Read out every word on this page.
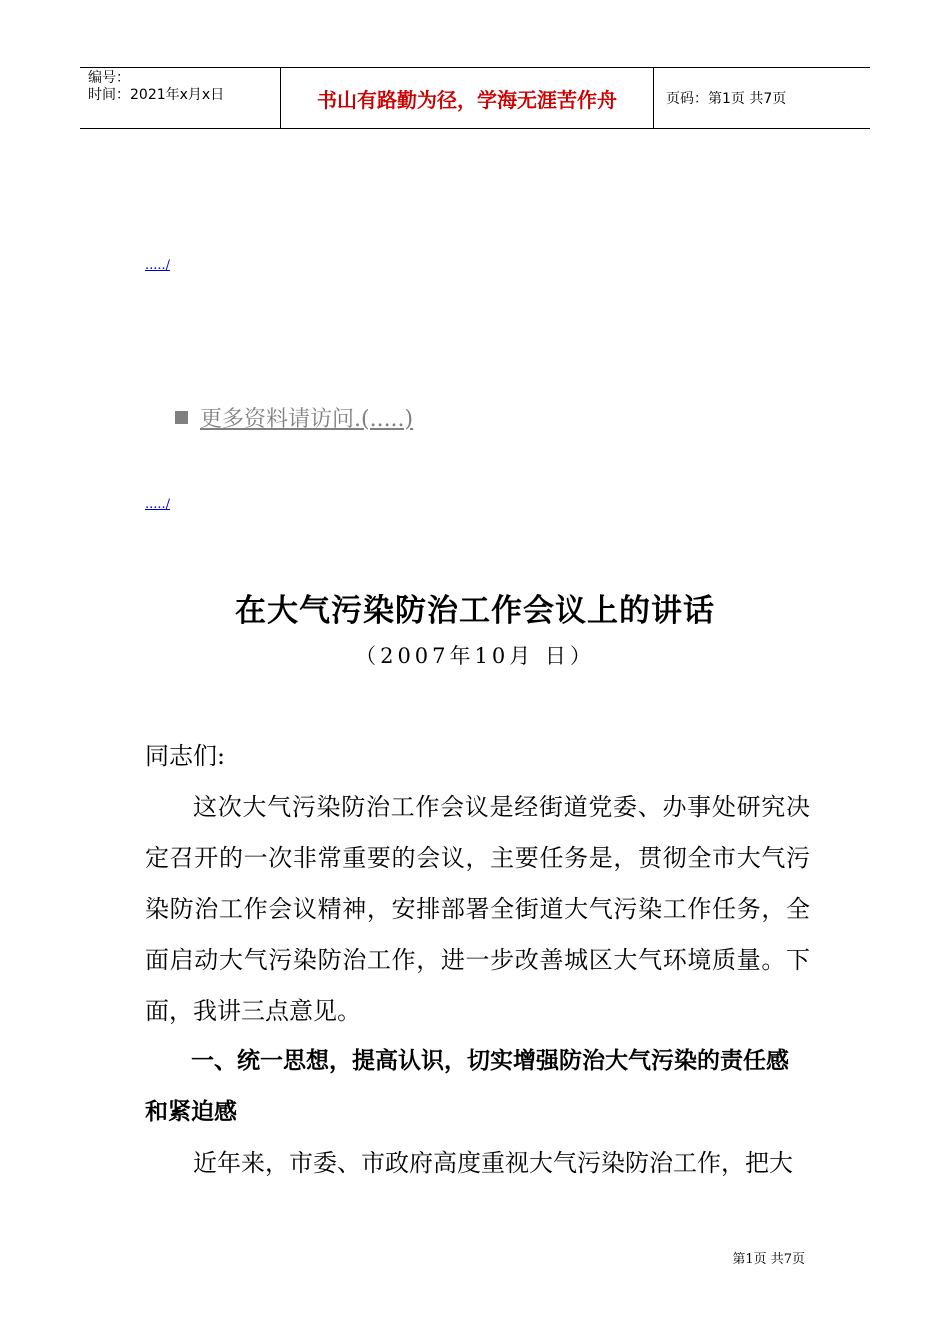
编号：
时间：2021年x月x日	书山有路勤为径，学海无涯苦作舟	页码：第1页 共7页
...../
更多资料请访问.(.....)
...../
在大气污染防治工作会议上的讲话
（2007年10月 日）
同志们:
这次大气污染防治工作会议是经街道党委、办事处研究决定召开的一次非常重要的会议，主要任务是，贯彻全市大气污染防治工作会议精神，安排部署全街道大气污染工作任务，全面启动大气污染防治工作，进一步改善城区大气环境质量。下面，我讲三点意见。
一、统一思想，提高认识，切实增强防治大气污染的责任感和紧迫感
近年来，市委、市政府高度重视大气污染防治工作，把大
第1页 共7页
